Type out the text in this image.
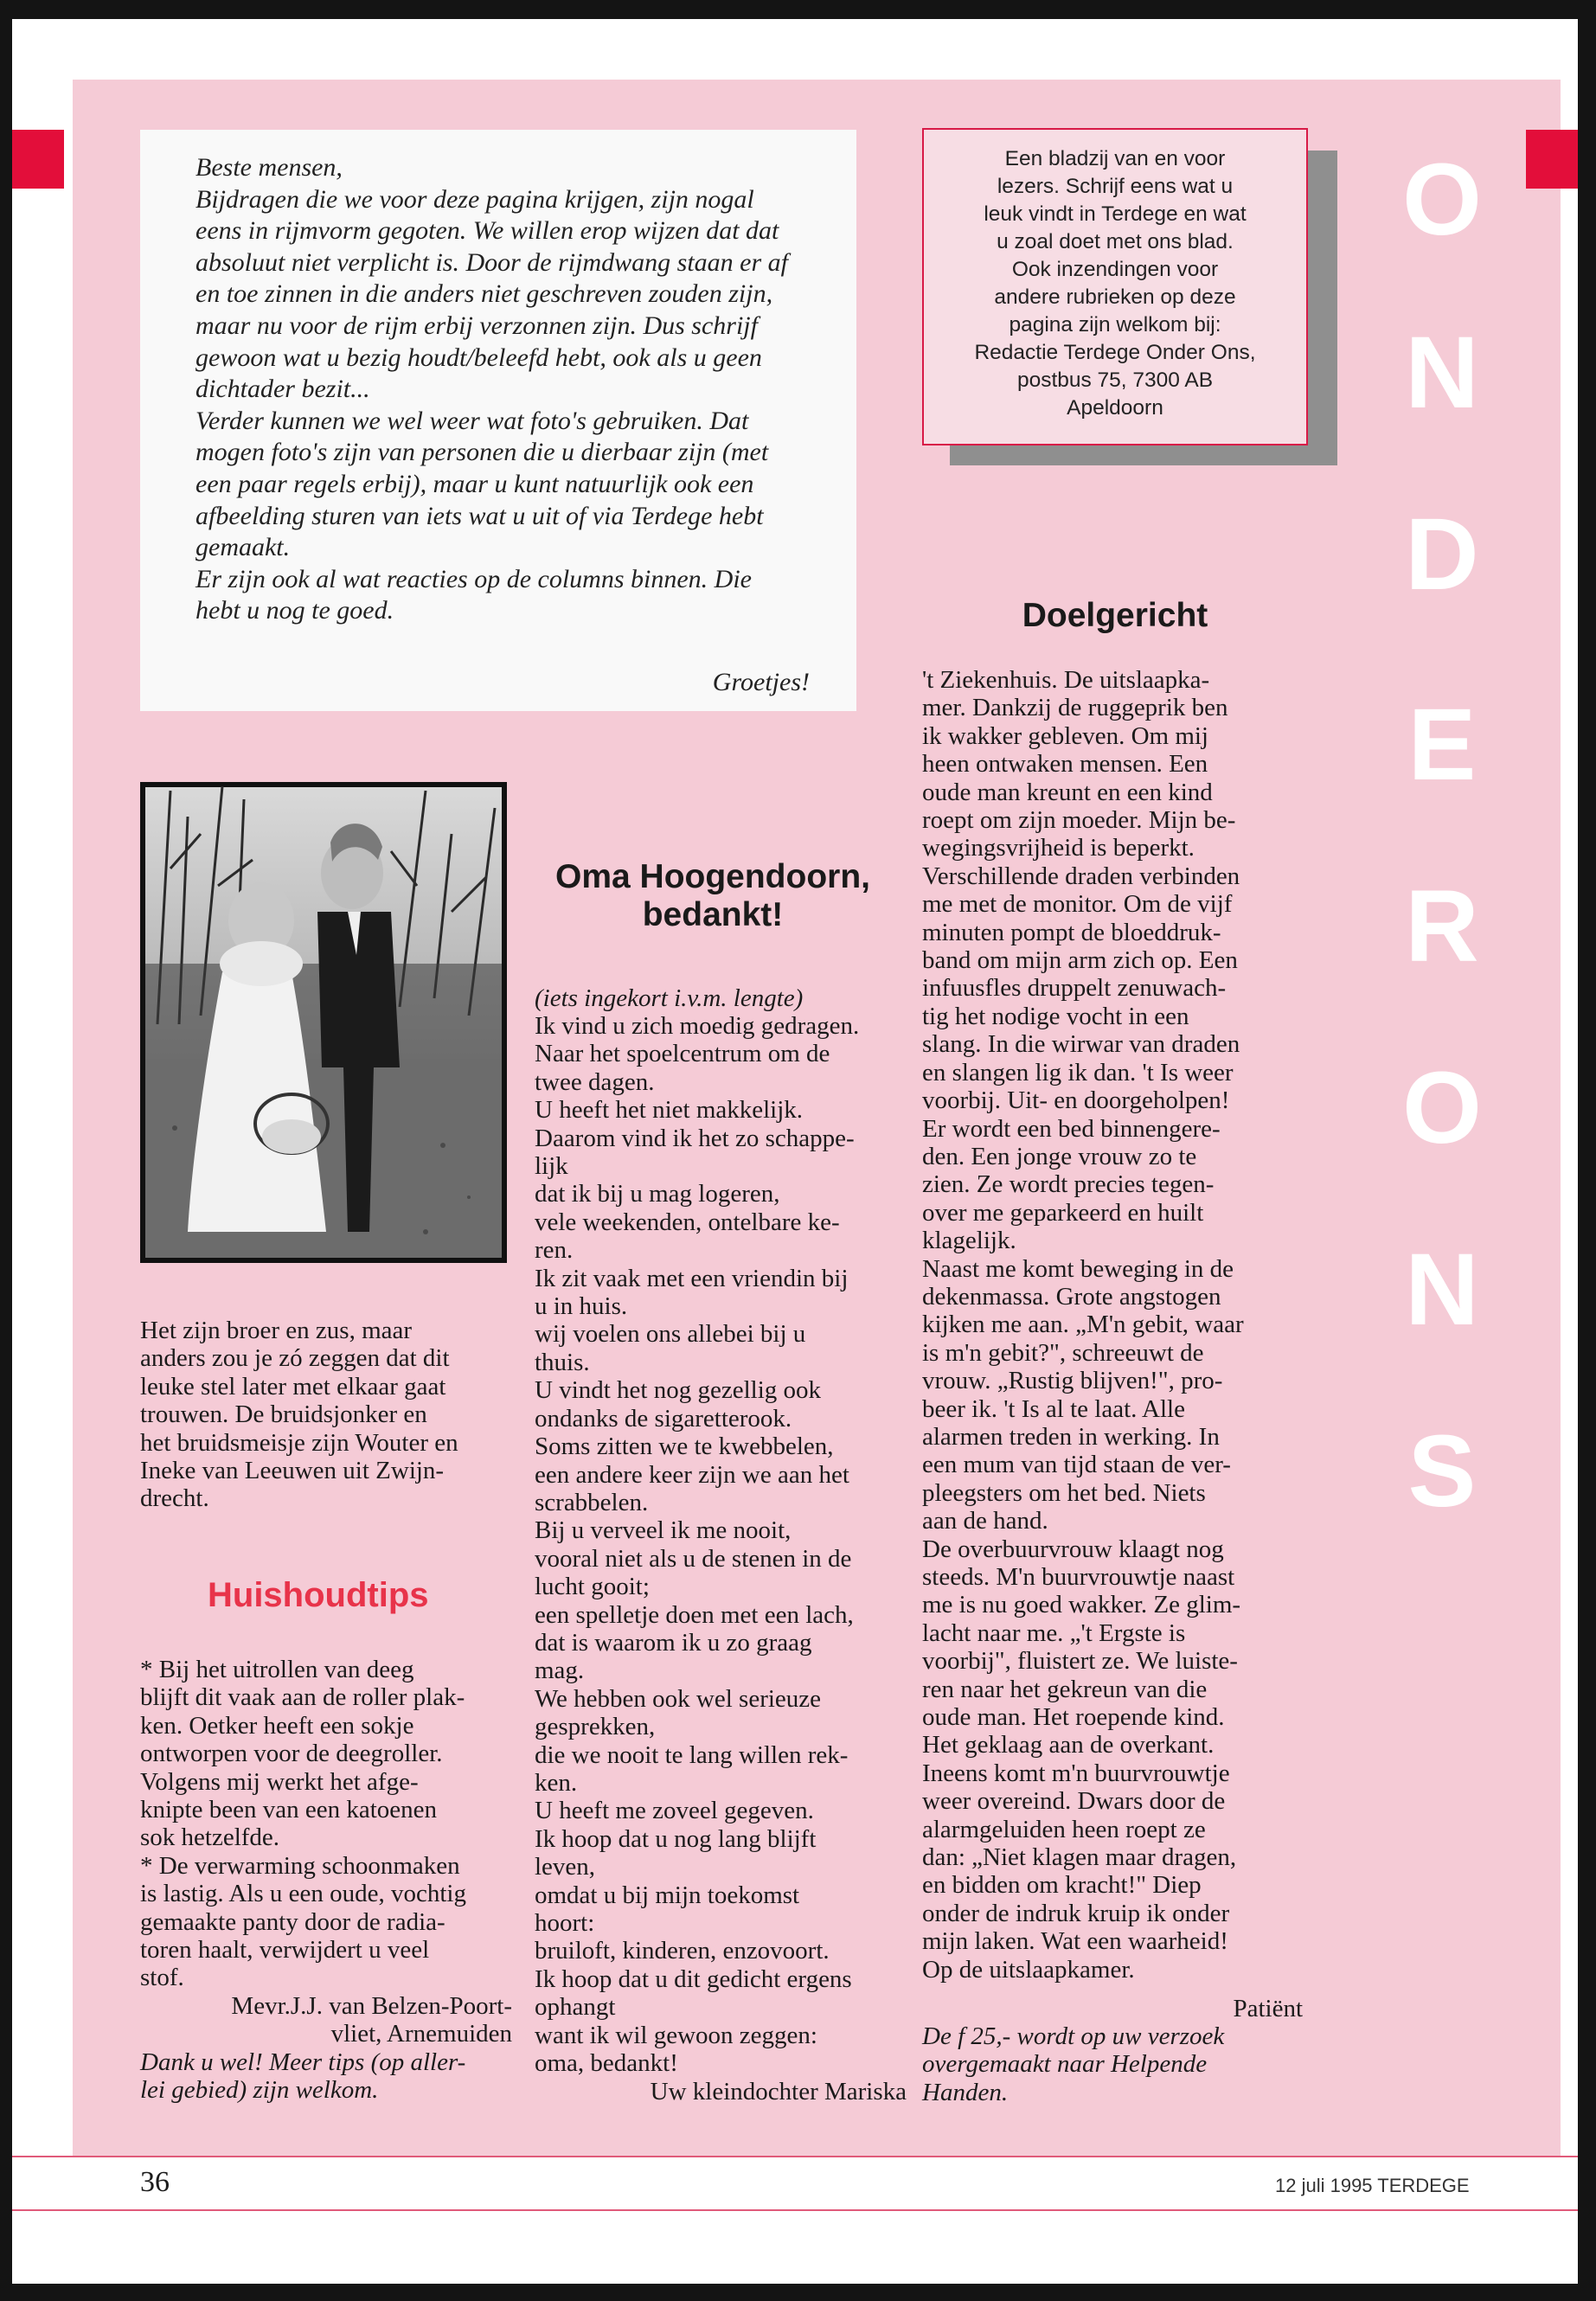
Beste mensen,
Bijdragen die we voor deze pagina krijgen, zijn nogal
eens in rijmvorm gegoten. We willen erop wijzen dat dat
absoluut niet verplicht is. Door de rijmdwang staan er af
en toe zinnen in die anders niet geschreven zouden zijn,
maar nu voor de rijm erbij verzonnen zijn. Dus schrijf
gewoon wat u bezig houdt/beleefd hebt, ook als u geen
dichtader bezit...
Verder kunnen we wel weer wat foto's gebruiken. Dat
mogen foto's zijn van personen die u dierbaar zijn (met
een paar regels erbij), maar u kunt natuurlijk ook een
afbeelding sturen van iets wat u uit of via Terdege hebt
gemaakt.
Er zijn ook al wat reacties op de columns binnen. Die
hebt u nog te goed.
Groetjes!
Een bladzij van en voor
lezers. Schrijf eens wat u
leuk vindt in Terdege en wat
u zoal doet met ons blad.
Ook inzendingen voor
andere rubrieken op deze
pagina zijn welkom bij:
Redactie Terdege Onder Ons,
postbus 75, 7300 AB
Apeldoorn
O
N
D
E
R
O
N
S
Het zijn broer en zus, maar
anders zou je zó zeggen dat dit
leuke stel later met elkaar gaat
trouwen. De bruidsjonker en
het bruidsmeisje zijn Wouter en
Ineke van Leeuwen uit Zwijn-
drecht.
Huishoudtips
* Bij het uitrollen van deeg
blijft dit vaak aan de roller plak-
ken. Oetker heeft een sokje
ontworpen voor de deegroller.
Volgens mij werkt het afge-
knipte been van een katoenen
sok hetzelfde.
* De verwarming schoonmaken
is lastig. Als u een oude, vochtig
gemaakte panty door de radia-
toren haalt, verwijdert u veel
stof.
Mevr.J.J. van Belzen-Poort-
vliet, Arnemuiden
Dank u wel! Meer tips (op aller-
lei gebied) zijn welkom.
Oma Hoogendoorn,
bedankt!
(iets ingekort i.v.m. lengte)
Ik vind u zich moedig gedragen.
Naar het spoelcentrum om de
twee dagen.
U heeft het niet makkelijk.
Daarom vind ik het zo schappe-
lijk
dat ik bij u mag logeren,
vele weekenden, ontelbare ke-
ren.
Ik zit vaak met een vriendin bij
u in huis.
wij voelen ons allebei bij u
thuis.
U vindt het nog gezellig ook
ondanks de sigaretterook.
Soms zitten we te kwebbelen,
een andere keer zijn we aan het
scrabbelen.
Bij u verveel ik me nooit,
vooral niet als u de stenen in de
lucht gooit;
een spelletje doen met een lach,
dat is waarom ik u zo graag
mag.
We hebben ook wel serieuze
gesprekken,
die we nooit te lang willen rek-
ken.
U heeft me zoveel gegeven.
Ik hoop dat u nog lang blijft
leven,
omdat u bij mijn toekomst
hoort:
bruiloft, kinderen, enzovoort.
Ik hoop dat u dit gedicht ergens
ophangt
want ik wil gewoon zeggen:
oma, bedankt!
Uw kleindochter Mariska
Doelgericht
't Ziekenhuis. De uitslaapka-
mer. Dankzij de ruggeprik ben
ik wakker gebleven. Om mij
heen ontwaken mensen. Een
oude man kreunt en een kind
roept om zijn moeder. Mijn be-
wegingsvrijheid is beperkt.
Verschillende draden verbinden
me met de monitor. Om de vijf
minuten pompt de bloeddruk-
band om mijn arm zich op. Een
infuusfles druppelt zenuwach-
tig het nodige vocht in een
slang. In die wirwar van draden
en slangen lig ik dan. 't Is weer
voorbij. Uit- en doorgeholpen!
Er wordt een bed binnengere-
den. Een jonge vrouw zo te
zien. Ze wordt precies tegen-
over me geparkeerd en huilt
klagelijk.
Naast me komt beweging in de
dekenmassa. Grote angstogen
kijken me aan. „M'n gebit, waar
is m'n gebit?", schreeuwt de
vrouw. „Rustig blijven!", pro-
beer ik. 't Is al te laat. Alle
alarmen treden in werking. In
een mum van tijd staan de ver-
pleegsters om het bed. Niets
aan de hand.
De overbuurvrouw klaagt nog
steeds. M'n buurvrouwtje naast
me is nu goed wakker. Ze glim-
lacht naar me. „'t Ergste is
voorbij", fluistert ze. We luiste-
ren naar het gekreun van die
oude man. Het roepende kind.
Het geklaag aan de overkant.
Ineens komt m'n buurvrouwtje
weer overeind. Dwars door de
alarmgeluiden heen roept ze
dan: „Niet klagen maar dragen,
en bidden om kracht!" Diep
onder de indruk kruip ik onder
mijn laken. Wat een waarheid!
Op de uitslaapkamer.
Patiënt
De f 25,- wordt op uw verzoek
overgemaakt naar Helpende
Handen.
36	12 juli 1995 TERDEGE
